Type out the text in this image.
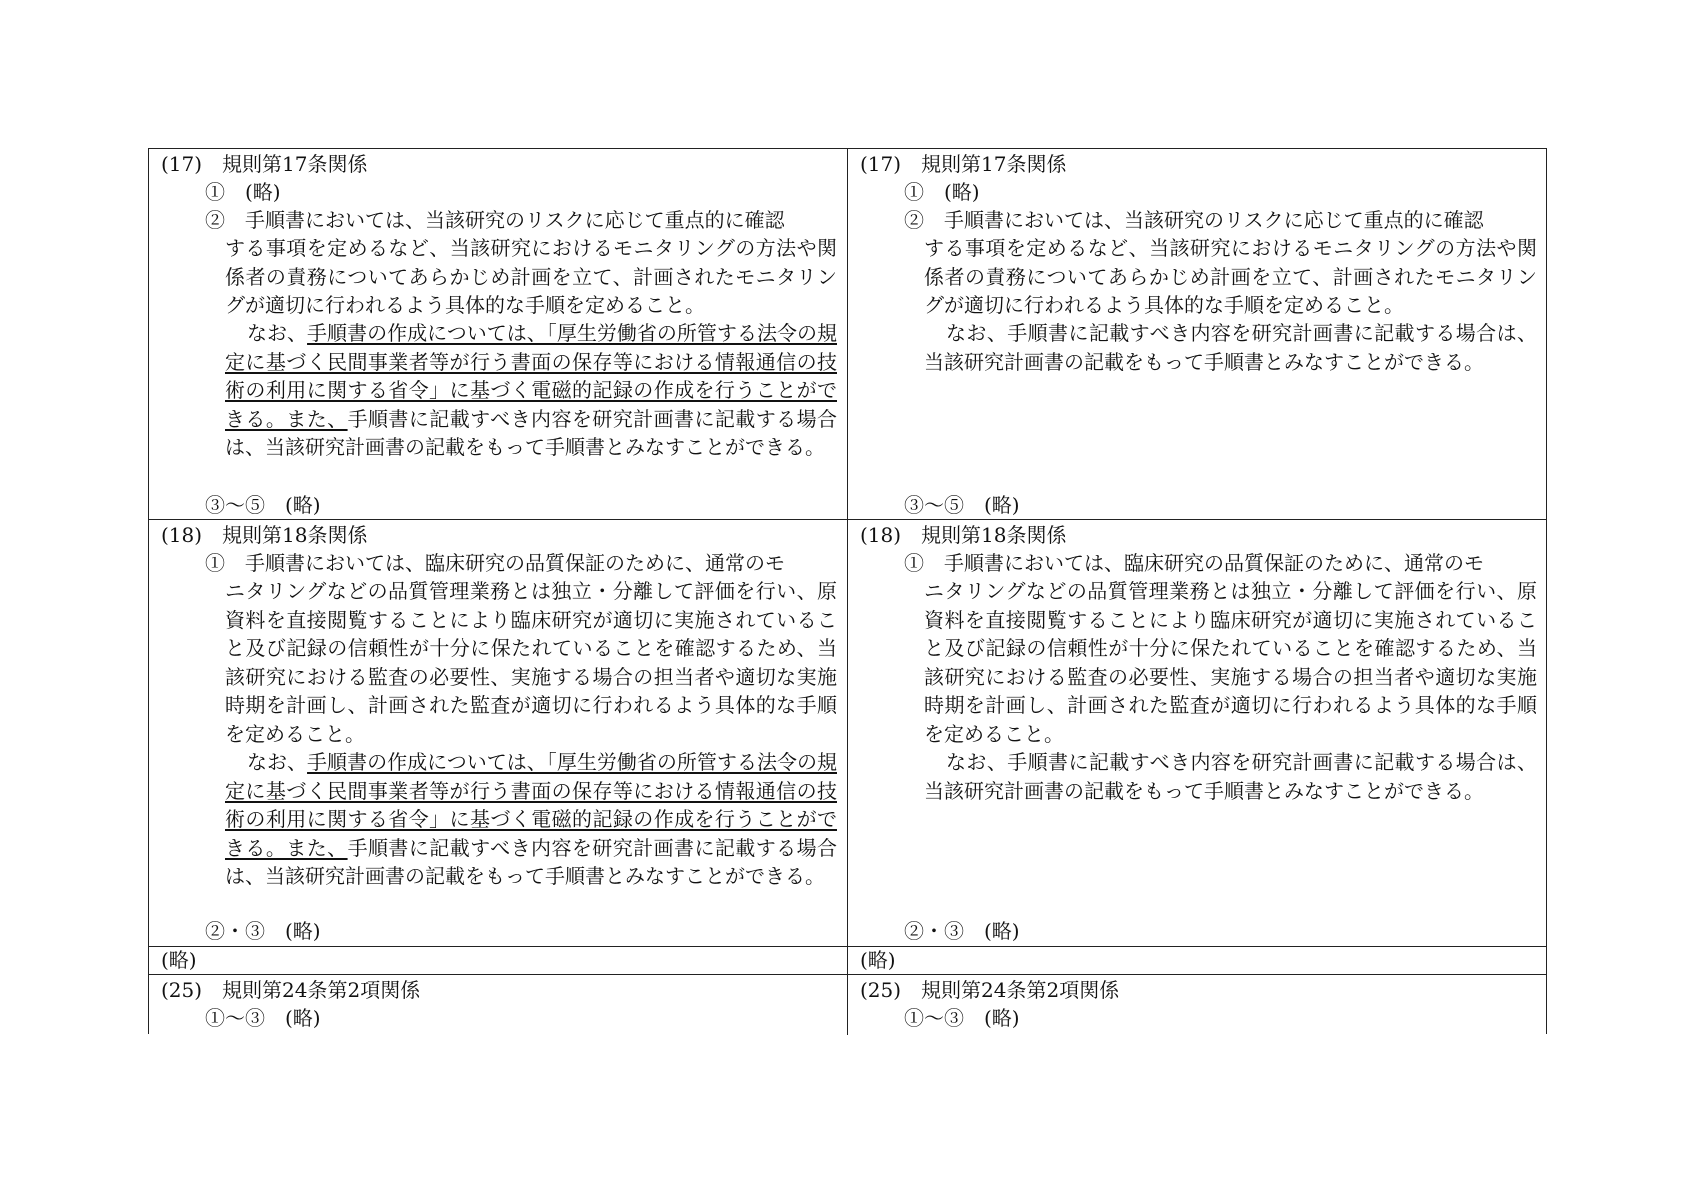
(17)　規則第17条関係
①　(略)
②　手順書においては、当該研究のリスクに応じて重点的に確認
する事項を定めるなど、当該研究におけるモニタリングの方法や関係者の責務についてあらかじめ計画を立て、計画されたモニタリングが適切に行われるよう具体的な手順を定めること。
なお、手順書の作成については、「厚生労働省の所管する法令の規定に基づく民間事業者等が行う書面の保存等における情報通信の技術の利用に関する省令」に基づく電磁的記録の作成を行うことができる。また、手順書に記載すべき内容を研究計画書に記載する場合は、当該研究計画書の記載をもって手順書とみなすことができる。
③〜⑤　(略)
(17)　規則第17条関係
①　(略)
②　手順書においては、当該研究のリスクに応じて重点的に確認
する事項を定めるなど、当該研究におけるモニタリングの方法や関係者の責務についてあらかじめ計画を立て、計画されたモニタリングが適切に行われるよう具体的な手順を定めること。
なお、手順書に記載すべき内容を研究計画書に記載する場合は、当該研究計画書の記載をもって手順書とみなすことができる。
③〜⑤　(略)
(18)　規則第18条関係
①　手順書においては、臨床研究の品質保証のために、通常のモ
ニタリングなどの品質管理業務とは独立・分離して評価を行い、原資料を直接閲覧することにより臨床研究が適切に実施されていること及び記録の信頼性が十分に保たれていることを確認するため、当該研究における監査の必要性、実施する場合の担当者や適切な実施時期を計画し、計画された監査が適切に行われるよう具体的な手順を定めること。
なお、手順書の作成については、「厚生労働省の所管する法令の規定に基づく民間事業者等が行う書面の保存等における情報通信の技術の利用に関する省令」に基づく電磁的記録の作成を行うことができる。また、手順書に記載すべき内容を研究計画書に記載する場合は、当該研究計画書の記載をもって手順書とみなすことができる。
②・③　(略)
(18)　規則第18条関係
①　手順書においては、臨床研究の品質保証のために、通常のモ
ニタリングなどの品質管理業務とは独立・分離して評価を行い、原資料を直接閲覧することにより臨床研究が適切に実施されていること及び記録の信頼性が十分に保たれていることを確認するため、当該研究における監査の必要性、実施する場合の担当者や適切な実施時期を計画し、計画された監査が適切に行われるよう具体的な手順を定めること。
なお、手順書に記載すべき内容を研究計画書に記載する場合は、当該研究計画書の記載をもって手順書とみなすことができる。
②・③　(略)
(略)	(略)
(25)　規則第24条第2項関係
①〜③　(略)
(25)　規則第24条第2項関係
①〜③　(略)
